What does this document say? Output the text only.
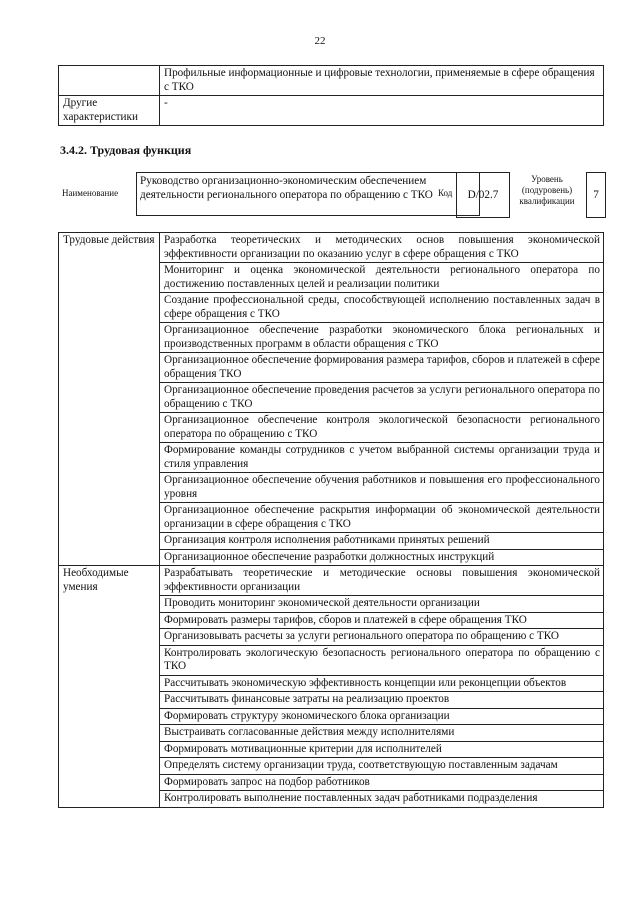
22
	Профильные информационные и цифровые технологии, применяемые в сфере обращения с ТКО
Другие характеристики	-
3.4.2. Трудовая функция
Наименование
Руководство организационно-экономическим обеспечением деятельности регионального оператора по обращению с ТКО Код	D/02.7
Уровень (подуровень) квалификации	7
Трудовые действия	Разработка теоретических и методических основ повышения экономической эффективности организации по оказанию услуг в сфере обращения с ТКО
	Мониторинг и оценка экономической деятельности регионального оператора по достижению поставленных целей и реализации политики
	Создание профессиональной среды, способствующей исполнению поставленных задач в сфере обращения с ТКО
	Организационное обеспечение разработки экономического блока региональных и производственных программ в области обращения с ТКО
	Организационное обеспечение формирования размера тарифов, сборов и платежей в сфере обращения ТКО
	Организационное обеспечение проведения расчетов за услуги регионального оператора по обращению с ТКО
	Организационное обеспечение контроля экологической безопасности регионального оператора по обращению с ТКО
	Формирование команды сотрудников с учетом выбранной системы организации труда и стиля управления
	Организационное обеспечение обучения работников и повышения его профессионального уровня
	Организационное обеспечение раскрытия информации об экономической деятельности организации в сфере обращения с ТКО
	Организация контроля исполнения работниками принятых решений
	Организационное обеспечение разработки должностных инструкций
Необходимые умения	Разрабатывать теоретические и методические основы повышения экономической эффективности организации
	Проводить мониторинг экономической деятельности организации
	Формировать размеры тарифов, сборов и платежей в сфере обращения ТКО
	Организовывать расчеты за услуги регионального оператора по обращению с ТКО
	Контролировать экологическую безопасность регионального оператора по обращению с ТКО
	Рассчитывать экономическую эффективность концепции или реконцепции объектов
	Рассчитывать финансовые затраты на реализацию проектов
	Формировать структуру экономического блока организации
	Выстраивать согласованные действия между исполнителями
	Формировать мотивационные критерии для исполнителей
	Определять систему организации труда, соответствующую поставленным задачам
	Формировать запрос на подбор работников
	Контролировать выполнение поставленных задач работниками подразделения
